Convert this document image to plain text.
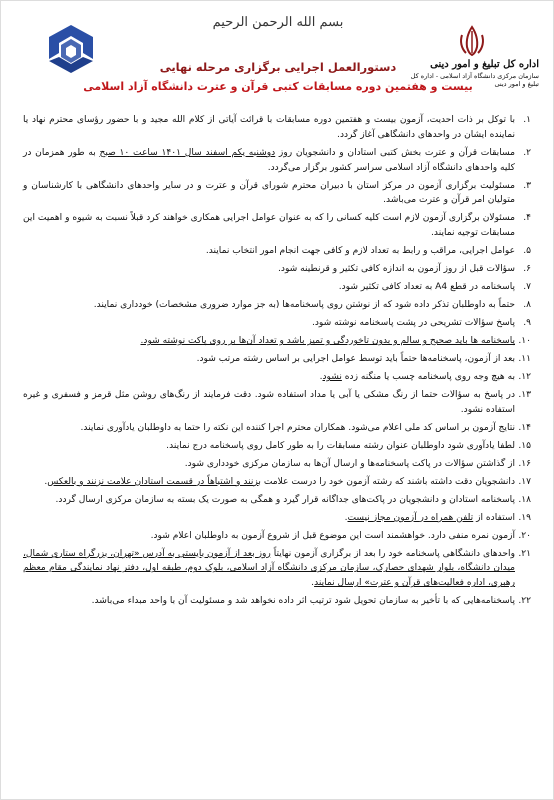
بسم الله الرحمن الرحيم
اداره کل تبلیغ و امور دینی
سازمان مرکزی دانشگاه آزاد اسلامی - اداره کل تبلیغ و امور دینی
دستورالعمل اجرایی برگزاری مرحله نهایی
بیست و هفتمین دوره مسابقات کتبی قرآن و عترت دانشگاه آزاد اسلامی
۱.
با توکل بر ذات احدیت، آزمون بیست و هفتمین دوره مسابقات با قرائت آیاتی از کلام الله مجید و با حضور رؤسای محترم نهاد یا نماینده ایشان در واحدهای دانشگاهی آغاز گردد.
۲.
مسابقات قرآن و عترت بخش کتبی استادان و دانشجویان روز دوشنبه یکم اسفند سال ۱۴۰۱ ساعت ۱۰ صبح به طور همزمان در کلیه واحدهای دانشگاه آزاد اسلامی سراسر کشور برگزار می‌گردد.
۳.
مسئولیت برگزاری آزمون در مرکز استان با دبیران محترم شورای قرآن و عترت و در سایر واحدهای دانشگاهی با کارشناسان و متولیان امر قرآن و عترت می‌باشد.
۴.
مسئولان برگزاری آزمون لازم است کلیه کسانی را که به عنوان عوامل اجرایی همکاری خواهند کرد قبلاً نسبت به شیوه و اهمیت این مسابقات توجیه نمایند.
۵.
عوامل اجرایی، مراقب و رابط به تعداد لازم و کافی جهت انجام امور انتخاب نمایند.
۶.
سؤالات قبل از روز آزمون به اندازه کافی تکثیر و قرنطینه شود.
۷.
پاسخنامه در قطع A4 به تعداد کافی تکثیر شود.
۸.
حتماً به داوطلبان تذکر داده شود که از نوشتن روی پاسخنامه‌ها (به جز موارد ضروری مشخصات) خودداری نمایند.
۹.
پاسخ سؤالات تشریحی در پشت پاسخنامه نوشته شود.
۱۰.
پاسخنامه ها باید صحیح و سالم و بدون تاخوردگی و تمیز باشد و تعداد آن‌ها بر روی پاکت نوشته شود.
۱۱.
بعد از آزمون، پاسخنامه‌ها حتماً باید توسط عوامل اجرایی بر اساس رشته مرتب شود.
۱۲.
به هیچ وجه روی پاسخنامه چسب یا منگنه زده نشود.
۱۳.
در پاسخ به سؤالات حتما از رنگ مشکی یا آبی یا مداد استفاده شود. دقت فرمایند از رنگ‌های روشن مثل قرمز و فسفری و غیره استفاده نشود.
۱۴.
نتایج آزمون بر اساس کد ملی اعلام می‌شود. همکاران محترم اجرا کننده این نکته را حتما به داوطلبان یادآوری نمایند.
۱۵.
لطفا یادآوری شود داوطلبان عنوان رشته مسابقات را به طور کامل روی پاسخنامه درج نمایند.
۱۶.
از گذاشتن سؤالات در پاکت پاسخنامه‌ها و ارسال آن‌ها به سازمان مرکزی خودداری شود.
۱۷.
دانشجویان دقت داشته باشند که رشته آزمون خود را درست علامت بزنند و اشتباهاً در قسمت استادان علامت نزنند و بالعکس.
۱۸.
پاسخنامه استادان و دانشجویان در پاکت‌های جداگانه قرار گیرد و همگی به صورت یک بسته به سازمان مرکزی ارسال گردد.
۱۹.
استفاده از تلفن همراه در آزمون مجاز نیست.
۲۰.
آزمون نمره منفی دارد. خواهشمند است این موضوع قبل از شروع آزمون به داوطلبان اعلام شود.
۲۱.
واحدهای دانشگاهی پاسخنامه خود را بعد از برگزاری آزمون نهایتاً روز بعد از آزمون بایستی به آدرس «تهران، بزرگراه ستاری شمال، میدان دانشگاه، بلوار شهدای حصارک، سازمان مرکزی دانشگاه آزاد اسلامی، بلوک دوم، طبقه اول، دفتر نهاد نمایندگی مقام معظم رهبری، اداره فعالیت‌های قرآن و عترت» ارسال نمایند.
۲۲.
پاسخنامه‌هایی که با تأخیر به سازمان تحویل شود ترتیب اثر داده نخواهد شد و مسئولیت آن با واحد مبداء می‌باشد.
